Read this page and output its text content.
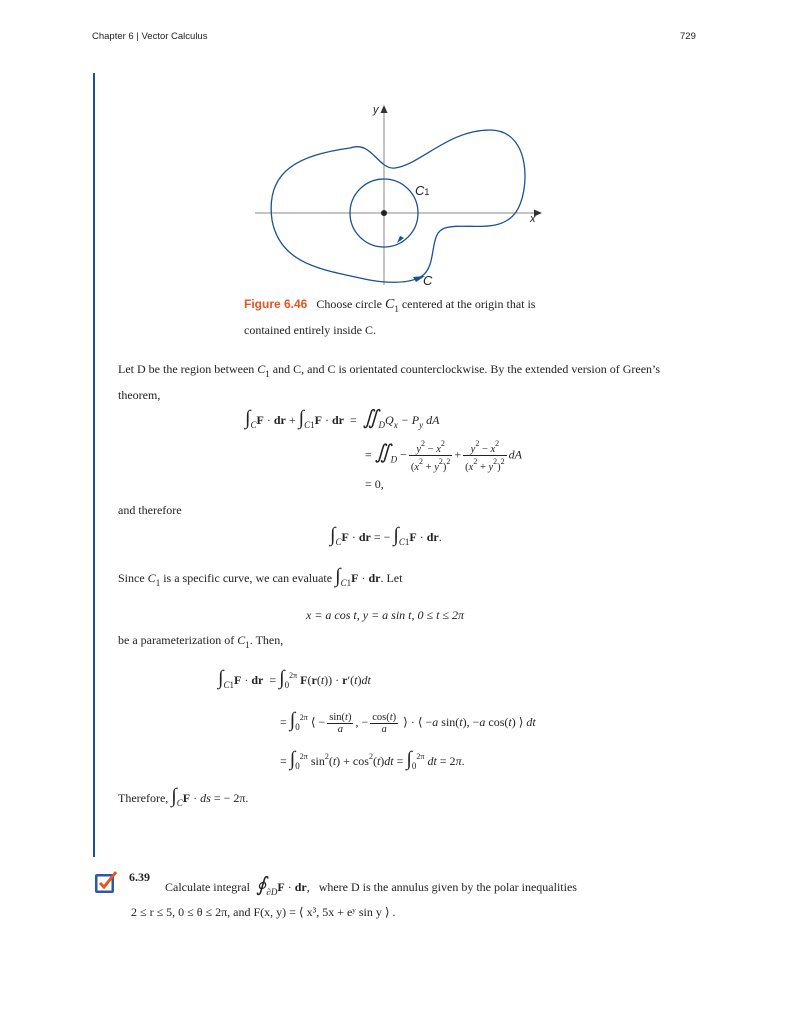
Chapter 6 | Vector Calculus	729
x
y
C1
C
Figure 6.46 Choose circle $C_1$ centered at the origin that is contained entirely inside C.
Let D be the region between $C_1$ and C, and C is orientated counterclockwise. By the extended version of Green’s theorem,
$\int_CF$ · dr + $\int_{C1}F$ · dr  =  $∬_DQ_x - P_y$ dA
= $∬_D - \frac{y^2 - x^2}{(x^2 + y^2)^2} + \frac{y^2 - x^2}{(x^2 + y^2)^2}$ dA
= 0,
and therefore
$\int_CF$ · dr = − $\int_{C1}F$ · dr.
Since $C_1$ is a specific curve, we can evaluate $\int_{C1}F$ · dr. Let
x = a cos t, y = a sin t, 0 ≤ t ≤ 2π
be a parameterization of $C_1$. Then,
$\int_{C1}F$ · dr  = $\int_0^{2\pi}$ F(r(t)) · r′(t)dt
= $\int_0^{2\pi}$ ⟨ − $\frac{\sin(t)}{a}$ , − $\frac{\cos(t)}{a}$ ⟩ · ⟨ −a sin(t), −a cos(t) ⟩ dt
= $\int_0^{2\pi}$ $\sin^2(t) + \cos^2(t)dt = \int_0^{2\pi}$ dt = 2π.
Therefore, $\int_CF$ · ds = − 2π.
6.39
Calculate integral $∮_{\partial D}F$ · dr,   where D is the annulus given by the polar inequalities
2 ≤ r ≤ 5, 0 ≤ θ ≤ 2π, and F(x, y) = ⟨ x³, 5x + eʸ sin y ⟩ .
